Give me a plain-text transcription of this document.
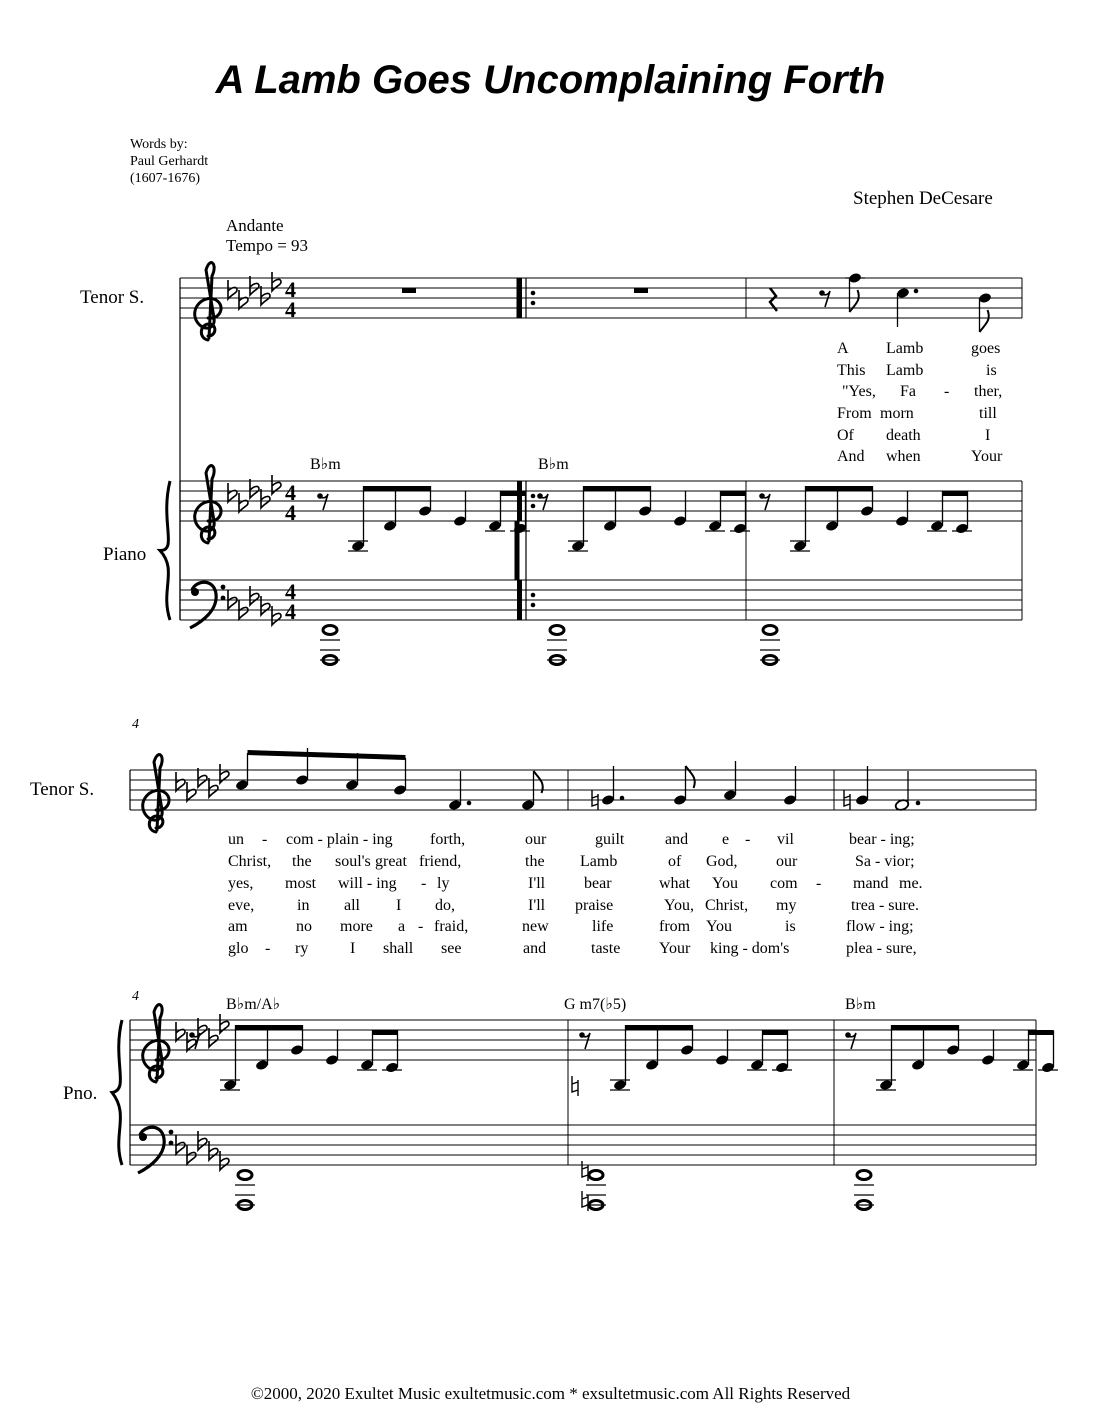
A Lamb Goes Uncomplaining Forth
Words by:
Paul Gerhardt
(1607-1676)
Stephen DeCesare
Andante
Tempo = 93
Tenor S.
Piano
B♭m	B♭m
A Lamb	goes
This Lamb	is
"Yes, Fa - ther,
From morn	till
Of death	I
And when	Your
4
Tenor S.
4
Pno.
B♭m/A♭	G m7(♭5)	B♭m
un - com - plain - ing forth,	our	guilt	and e - vil	bear - ing;
Christ, the soul's great friend,	the Lamb	of God, our	Sa - vior;
yes, most will - ing - ly	I'll bear	what You com - mand me.
eve,	in all I do,	I'll praise	You, Christ, my	trea - sure.
am	no more a - fraid,	new	life	from You	is	flow - ing;
glo - ry	I shall see	and	taste Your king - dom's	plea - sure,
©2000, 2020 Exultet Music exultetmusic.com * exsultetmusic.com All Rights Reserved
4
4
4
4
4
4
